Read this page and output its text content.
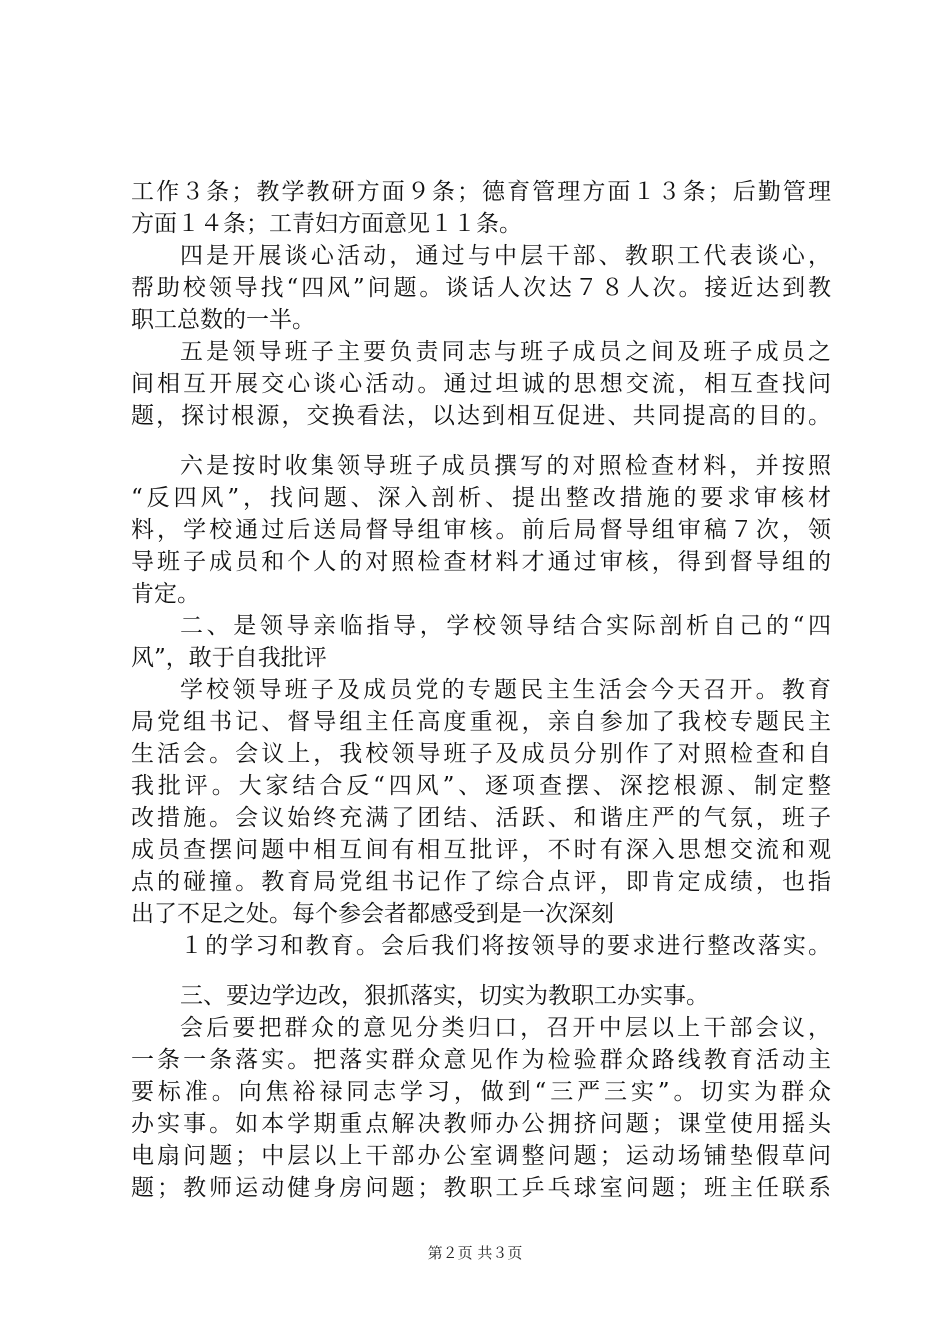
工作３条；教学教研方面９条；德育管理方面１３条；后勤管理
方面１４条；工青妇方面意见１１条。
四是开展谈心活动，通过与中层干部、教职工代表谈心，
帮助校领导找“四风”问题。谈话人次达７８人次。接近达到教
职工总数的一半。
五是领导班子主要负责同志与班子成员之间及班子成员之
间相互开展交心谈心活动。通过坦诚的思想交流，相互查找问
题，探讨根源，交换看法，以达到相互促进、共同提高的目的。
六是按时收集领导班子成员撰写的对照检查材料，并按照
“反四风”，找问题、深入剖析、提出整改措施的要求审核材
料，学校通过后送局督导组审核。前后局督导组审稿７次，领
导班子成员和个人的对照检查材料才通过审核，得到督导组的
肯定。
二、是领导亲临指导，学校领导结合实际剖析自己的“四
风”，敢于自我批评
学校领导班子及成员党的专题民主生活会今天召开。教育
局党组书记、督导组主任高度重视，亲自参加了我校专题民主
生活会。会议上，我校领导班子及成员分别作了对照检查和自
我批评。大家结合反“四风”、逐项查摆、深挖根源、制定整
改措施。会议始终充满了团结、活跃、和谐庄严的气氛，班子
成员查摆问题中相互间有相互批评，不时有深入思想交流和观
点的碰撞。教育局党组书记作了综合点评，即肯定成绩，也指
出了不足之处。每个参会者都感受到是一次深刻
１的学习和教育。会后我们将按领导的要求进行整改落实。
三、要边学边改，狠抓落实，切实为教职工办实事。
会后要把群众的意见分类归口，召开中层以上干部会议，
一条一条落实。把落实群众意见作为检验群众路线教育活动主
要标准。向焦裕禄同志学习，做到“三严三实”。切实为群众
办实事。如本学期重点解决教师办公拥挤问题；课堂使用摇头
电扇问题；中层以上干部办公室调整问题；运动场铺垫假草问
题；教师运动健身房问题；教职工乒乓球室问题；班主任联系
第２页 共３页
